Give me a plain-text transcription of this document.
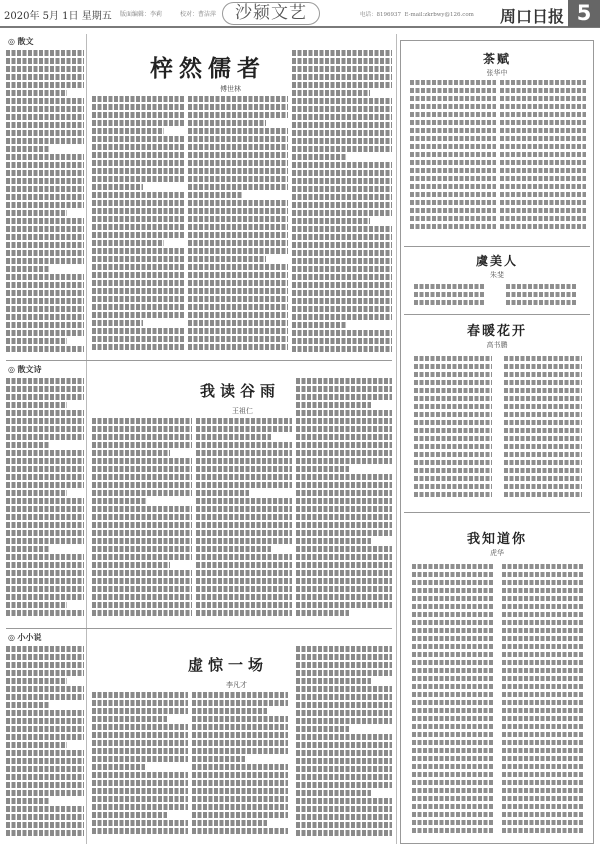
2020年 5月 1日 星期五 版面编辑：李莉	校对：曹洁萍	沙颍文艺	电话：8196937 E-mail:zkrbwy@126.com 周口日报 5
◎ 散文
梓然儒者
傅世林
◎ 散文诗
我读谷雨
王祖仁
◎ 小小说
虚惊一场
李凡才
茶赋
张华中
虞美人
朱斐
春暖花开
高书鹏
我知道你
虎华
